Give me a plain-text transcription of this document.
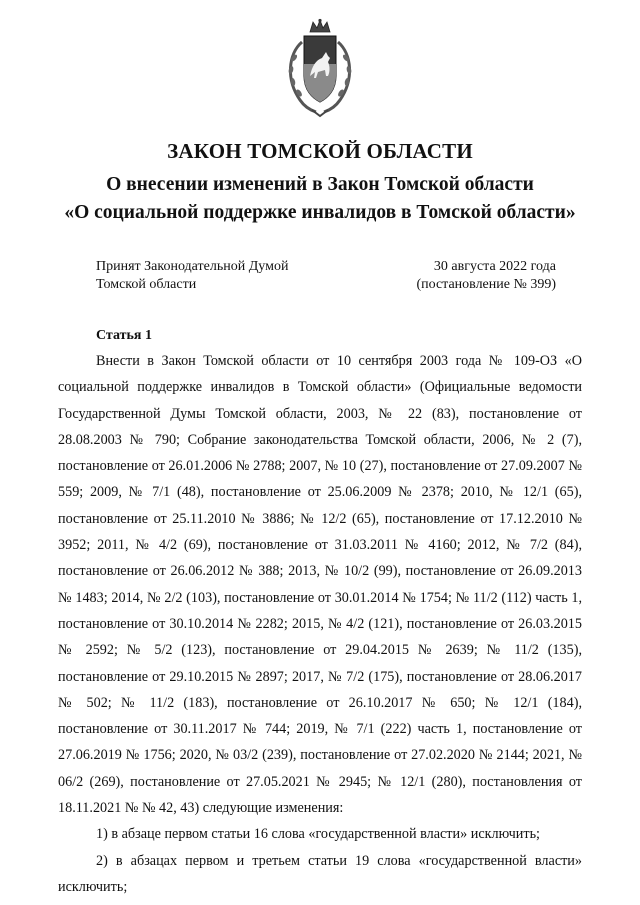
ЗАКОН ТОМСКОЙ ОБЛАСТИ
О внесении изменений в Закон Томской области
«О социальной поддержке инвалидов в Томской области»
Принят Законодательной Думой
Томской области
30 августа 2022 года
(постановление № 399)
Статья 1

Внести в Закон Томской области от 10 сентября 2003 года № 109-ОЗ «О социальной поддержке инвалидов в Томской области» (Официальные ведомости Государственной Думы Томской области, 2003, № 22 (83), постановление от 28.08.2003 № 790; Собрание законодательства Томской области, 2006, № 2 (7), постановление от 26.01.2006 № 2788; 2007, № 10 (27), постановление от 27.09.2007 № 559; 2009, № 7/1 (48), постановление от 25.06.2009 № 2378; 2010, № 12/1 (65), постановление от 25.11.2010 № 3886; № 12/2 (65), постановление от 17.12.2010 № 3952; 2011, № 4/2 (69), постановление от 31.03.2011 № 4160; 2012, № 7/2 (84), постановление от 26.06.2012 № 388; 2013, № 10/2 (99), постановление от 26.09.2013 № 1483; 2014, № 2/2 (103), постановление от 30.01.2014 № 1754; № 11/2 (112) часть 1, постановление от 30.10.2014 № 2282; 2015, № 4/2 (121), постановление от 26.03.2015 № 2592; № 5/2 (123), постановление от 29.04.2015 № 2639; № 11/2 (135), постановление от 29.10.2015 № 2897; 2017, № 7/2 (175), постановление от 28.06.2017 № 502; № 11/2 (183), постановление от 26.10.2017 № 650; № 12/1 (184), постановление от 30.11.2017 № 744; 2019, № 7/1 (222) часть 1, постановление от 27.06.2019 № 1756; 2020, № 03/2 (239), постановление от 27.02.2020 № 2144; 2021, № 06/2 (269), постановление от 27.05.2021 № 2945; № 12/1 (280), постановления от 18.11.2021 № № 42, 43) следующие изменения:

1) в абзаце первом статьи 16 слова «государственной власти» исключить;

2) в абзацах первом и третьем статьи 19 слова «государственной власти» исключить;
